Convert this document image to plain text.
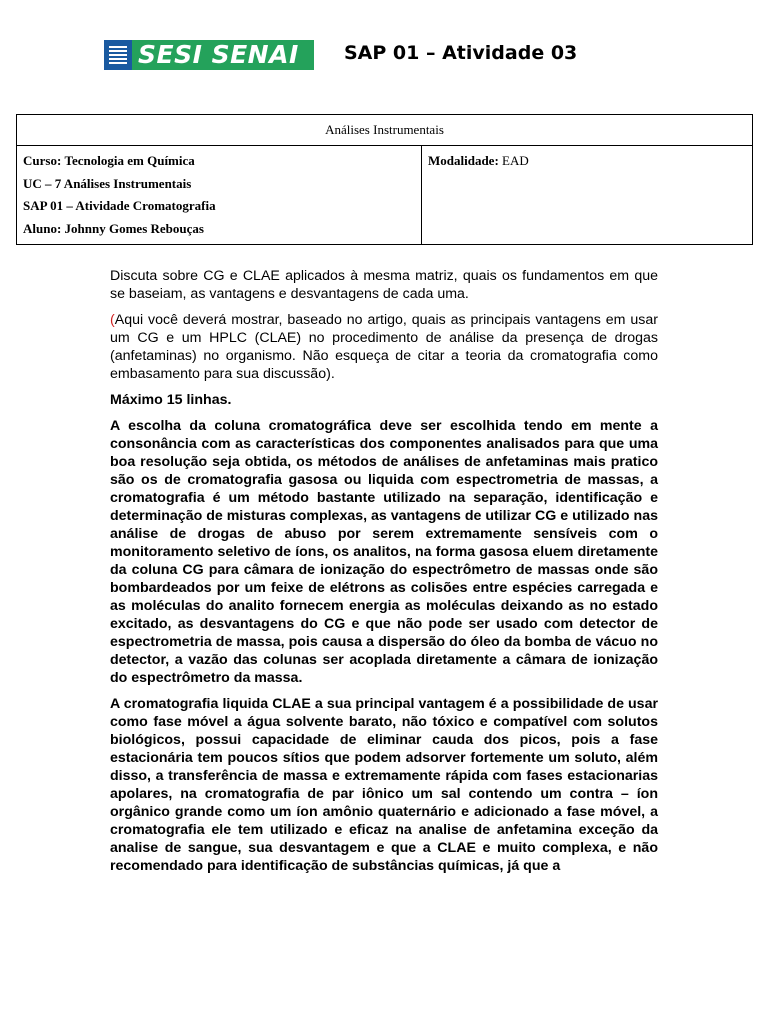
SESI SENAI	SAP 01 – Atividade 03
Análises Instrumentais

Curso: Tecnologia em Química
UC – 7 Análises Instrumentais
SAP 01 – Atividade Cromatografia
Aluno: Johnny Gomes Rebouças

Modalidade: EAD

Discuta sobre CG e CLAE aplicados à mesma matriz, quais os fundamentos em que se baseiam, as vantagens e desvantagens de cada uma.

(Aqui você deverá mostrar, baseado no artigo, quais as principais vantagens em usar um CG e um HPLC (CLAE) no procedimento de análise da presença de drogas (anfetaminas) no organismo. Não esqueça de citar a teoria da cromatografia como embasamento para sua discussão).

Máximo 15 linhas.

A escolha da coluna cromatográfica deve ser escolhida tendo em mente a consonância com as características dos componentes analisados para que uma boa resolução seja obtida, os métodos de análises de anfetaminas mais pratico são os de cromatografia gasosa ou liquida com espectrometria de massas, a cromatografia é um método bastante utilizado na separação, identificação e determinação de misturas complexas, as vantagens de utilizar CG e utilizado nas análise de drogas de abuso por serem extremamente sensíveis com o monitoramento seletivo de íons, os analitos, na forma gasosa eluem diretamente da coluna CG para câmara de ionização do espectrômetro de massas onde são bombardeados por um feixe de elétrons as colisões entre espécies carregada e as moléculas do analito fornecem energia as moléculas deixando as no estado excitado, as desvantagens do CG e que não pode ser usado com detector de espectrometria de massa, pois causa a dispersão do óleo da bomba de vácuo no detector, a vazão das colunas ser acoplada diretamente a câmara de ionização do espectrômetro da massa.

A cromatografia liquida CLAE a sua principal vantagem é a possibilidade de usar como fase móvel a água solvente barato, não tóxico e compatível com solutos biológicos, possui capacidade de eliminar cauda dos picos, pois a fase estacionária tem poucos sítios que podem adsorver fortemente um soluto, além disso, a transferência de massa e extremamente rápida com fases estacionarias apolares, na cromatografia de par iônico um sal contendo um contra – íon orgânico grande como um íon amônio quaternário e adicionado a fase móvel, a cromatografia ele tem utilizado e eficaz na analise de anfetamina exceção da analise de sangue, sua desvantagem e que a CLAE e muito complexa, e não recomendado para identificação de substâncias químicas, já que a
